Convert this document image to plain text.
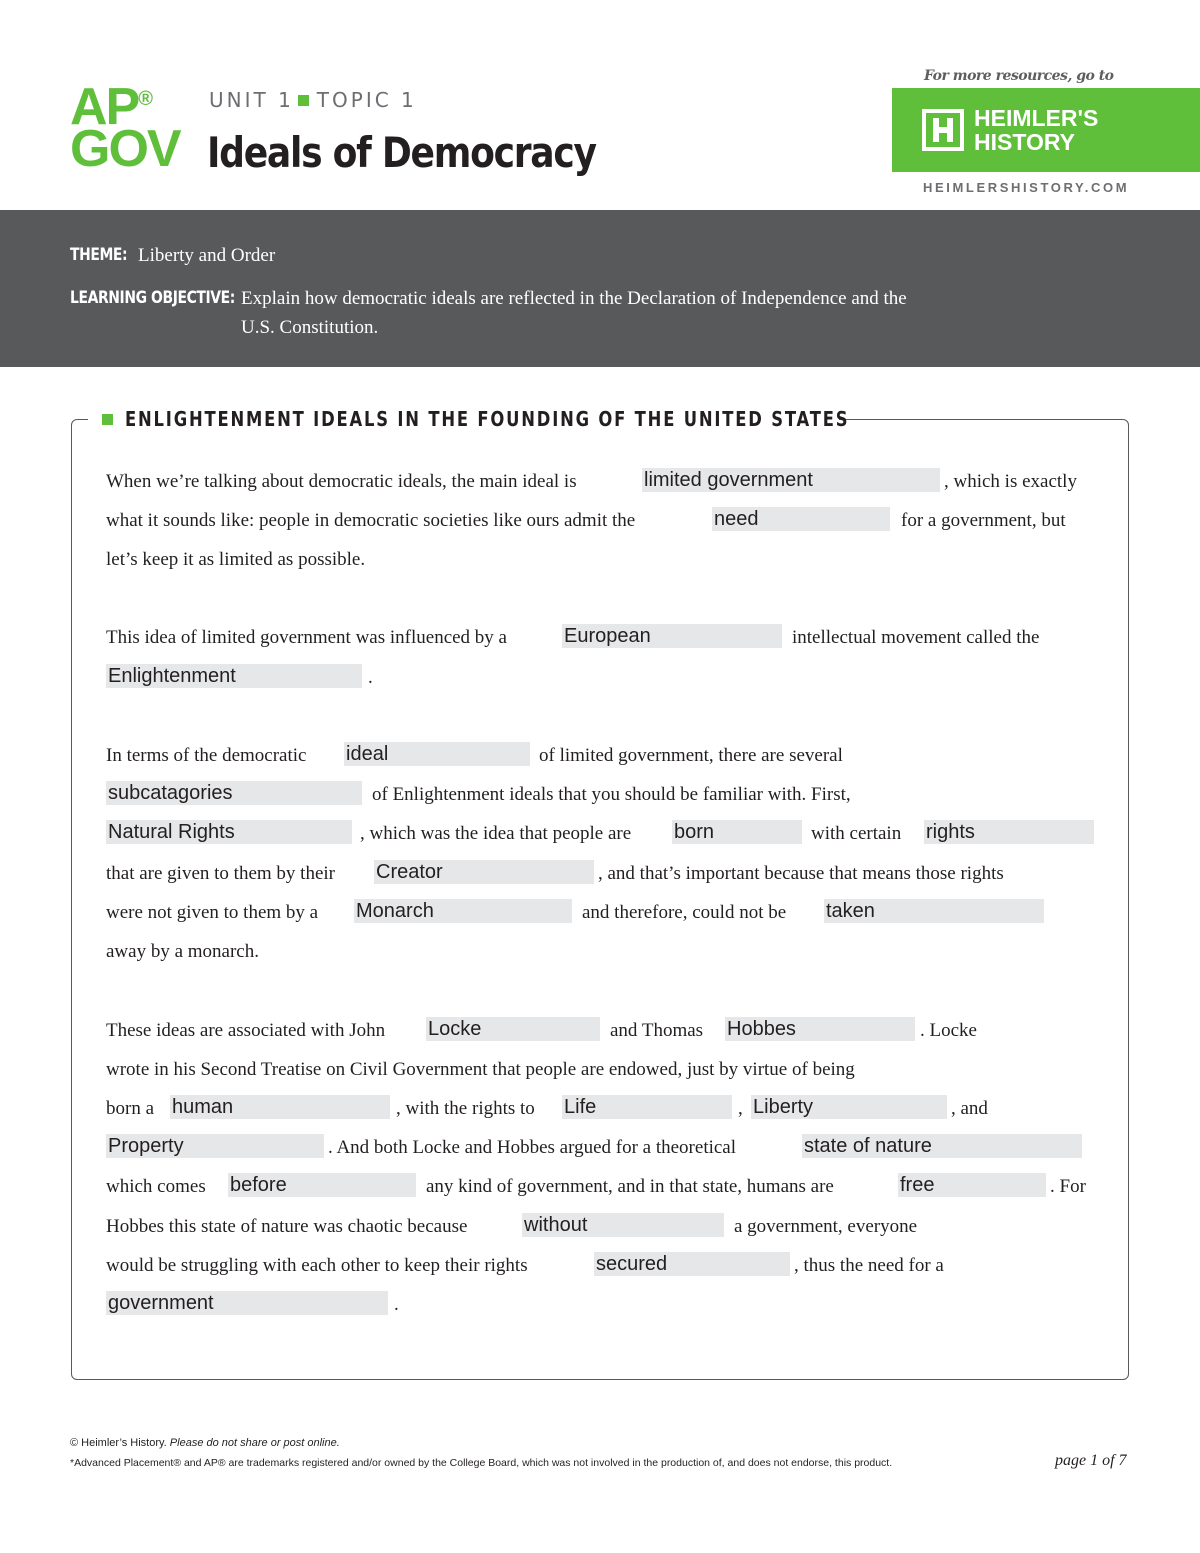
AP®
GOV
UNIT 1 TOPIC 1
Ideals of Democracy
For more resources, go to
HEIMLER'S
HISTORY
HEIMLERSHISTORY.COM
THEME: Liberty and Order
LEARNING OBJECTIVE: Explain how democratic ideals are reflected in the Declaration of Independence and the
U.S. Constitution.
ENLIGHTENMENT IDEALS IN THE FOUNDING OF THE UNITED STATES
When we’re talking about democratic ideals, the main ideal is	limited government	, which is exactly
what it sounds like: people in democratic societies like ours admit the	need	for a government, but
let’s keep it as limited as possible.
This idea of limited government was influenced by a	European	intellectual movement called the
Enlightenment	.
In terms of the democratic ideal	of limited government, there are several
subcatagories	of Enlightenment ideals that you should be familiar with. First,
Natural Rights	, which was the idea that people are born	with certain rights
that are given to them by their Creator	, and that’s important because that means those rights
were not given to them by a Monarch	and therefore, could not be taken
away by a monarch.
These ideas are associated with John Locke	and Thomas Hobbes	. Locke
wrote in his Second Treatise on Civil Government that people are endowed, just by virtue of being
born a human	, with the rights to Life	, Liberty	, and
Property	. And both Locke and Hobbes argued for a theoretical	state of nature
which comes before	any kind of government, and in that state, humans are	free	. For
Hobbes this state of nature was chaotic because	without	a government, everyone
would be struggling with each other to keep their rights	secured	, thus the need for a
government	.
© Heimler’s History. Please do not share or post online.
*Advanced Placement® and AP® are trademarks registered and/or owned by the College Board, which was not involved in the production of, and does not endorse, this product.	page 1 of 7
